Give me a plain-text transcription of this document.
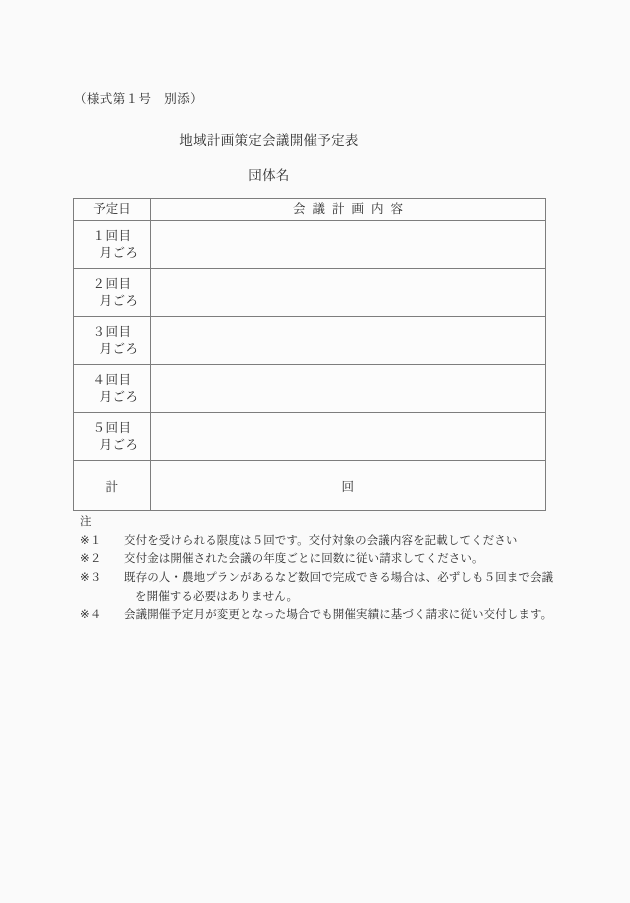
（様式第１号　別添）
地域計画策定会議開催予定表
団体名
予定日	会議計画内容

１回目
月ごろ	

２回目
月ごろ	

３回目
月ごろ	

４回目
月ごろ	

５回目
月ごろ	

計	回
注
※１	交付を受けられる限度は５回です。交付対象の会議内容を記載してください
※２	交付金は開催された会議の年度ごとに回数に従い請求してください。
※３	既存の人・農地プランがあるなど数回で完成できる場合は、必ずしも５回まで会議
を開催する必要はありません。
※４	会議開催予定月が変更となった場合でも開催実績に基づく請求に従い交付します。
